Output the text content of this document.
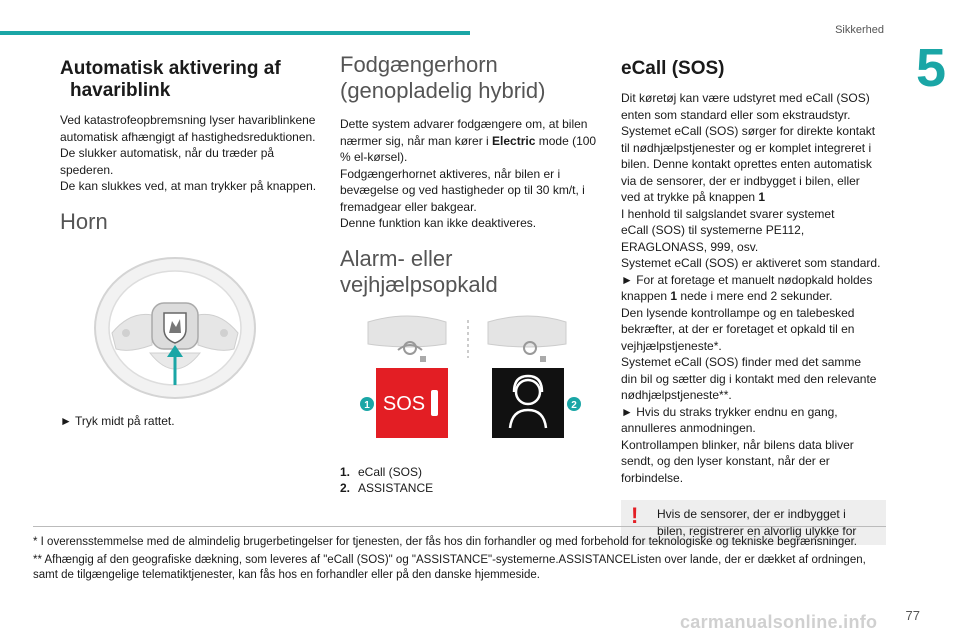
Sikkerhed
5
Automatisk aktivering af
havariblink

Ved katastrofeopbremsning lyser havariblinkene
automatisk afhængigt af hastighedsreduktionen.
De slukker automatisk, når du træder på
spederen.
De kan slukkes ved, at man trykker på knappen.

Horn

► Tryk midt på rattet.

Fodgængerhorn
(genopladelig hybrid)

Dette system advarer fodgængere om, at bilen
nærmer sig, når man kører i Electric mode (100
% el-kørsel).
Fodgængerhornet aktiveres, når bilen er i
bevægelse og ved hastigheder op til 30 km/t, i
fremadgear eller bakgear.
Denne funktion kan ikke deaktiveres.

Alarm- eller
vejhjælpsopkald
SOS
1	2
1. eCall (SOS)
2. ASSISTANCE
eCall (SOS)

Dit køretøj kan være udstyret med eCall (SOS)
enten som standard eller som ekstraudstyr.
Systemet eCall (SOS) sørger for direkte kontakt
til nødhjælpstjenester og er komplet integreret i
bilen. Denne kontakt oprettes enten automatisk
via de sensorer, der er indbygget i bilen, eller
ved at trykke på knappen 1
I henhold til salgslandet svarer systemet
eCall (SOS) til systemerne PE112,
ERAGLONASS, 999, osv.
Systemet eCall (SOS) er aktiveret som standard.
► For at foretage et manuelt nødopkald holdes
knappen 1 nede i mere end 2 sekunder.
Den lysende kontrollampe og en talebesked
bekræfter, at der er foretaget et opkald til en
vejhjælpstjeneste*.
Systemet eCall (SOS) finder med det samme
din bil og sætter dig i kontakt med den relevante
nødhjælpstjeneste**.
► Hvis du straks trykker endnu en gang,
annulleres anmodningen.
Kontrollampen blinker, når bilens data bliver
sendt, og den lyser konstant, når der er
forbindelse.

! Hvis de sensorer, der er indbygget i
bilen, registrerer en alvorlig ulykke for

* I overensstemmelse med de almindelig brugerbetingelser for tjenesten, der fås hos din forhandler og med forbehold for teknologiske og tekniske begrænsninger.

** Afhængig af den geografiske dækning, som leveres af "eCall (SOS)" og "ASSISTANCE"-systemerne.ASSISTANCEListen over lande, der er dækket af ordningen, samt de tilgængelige telematiktjenester, kan fås hos en forhandler eller på den danske hjemmeside.

carmanualsonline.info 77
